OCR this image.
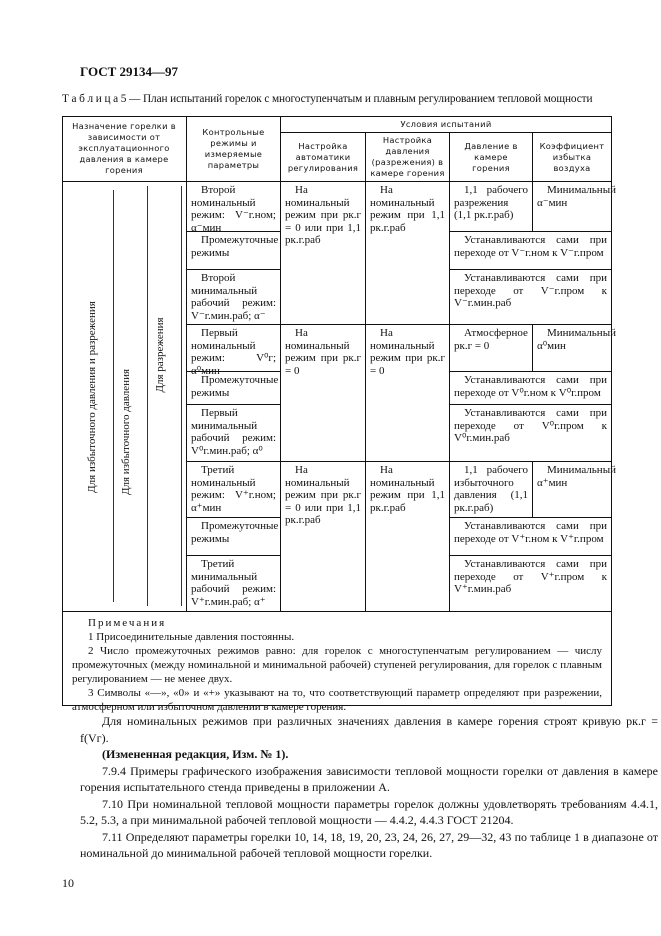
ГОСТ 29134—97
Т а б л и ц а 5 — План испытаний горелок с многоступенчатым и плавным регулированием тепловой мощности
Назначение горелки в зависимости от эксплуатационного давления в камере горения
Контрольные режимы и измеряемые параметры
Условия испытаний
Настройка автоматики регулирования
Настройка давления (разрежения) в камере горения
Давление в камере горения
Коэффициент избытка воздуха
Для избыточного давления и разрежения Для избыточного давления
Для разрежения
Примечания

1 Присоединительные давления постоянны.

2 Число промежуточных режимов равно: для горелок с многоступенчатым регулированием — числу промежуточных (между номинальной и минимальной рабочей) ступеней регулирования, для горелок с плавным регулированием — не менее двух.

3 Символы «—», «0» и «+» указывают на то, что соответствующий параметр определяют при разрежении, атмосферном или избыточном давлении в камере горения.

Второй номинальный режим: V⁻г.ном; α⁻мин
Промежуточные режимы
Второй минимальный рабочий режим: V⁻г.мин.раб; α⁻
На номинальный режим при pк.г = 0 или при 1,1 pк.г.раб
На номинальный режим при 1,1 pк.г.раб
1,1 рабочего разрежения (1,1 pк.г.раб)
Минимальный α⁻мин
Устанавливаются сами при переходе от V⁻г.ном к V⁻г.пром
Устанавливаются сами при переходе от V⁻г.пром к V⁻г.мин.раб
Первый номинальный режим: V⁰г; α⁰мин
Промежуточные режимы
Первый минимальный рабочий режим: V⁰г.мин.раб; α⁰
На номинальный режим при pк.г = 0
На номинальный режим при pк.г = 0
Атмосферное pк.г = 0
Минимальный α⁰мин
Устанавливаются сами при переходе от V⁰г.ном к V⁰г.пром
Устанавливаются сами при переходе от V⁰г.пром к V⁰г.мин.раб
Третий номинальный режим: V⁺г.ном; α⁺мин
Промежуточные режимы
Третий минимальный рабочий режим: V⁺г.мин.раб; α⁺
На номинальный режим при pк.г = 0 или при 1,1 pк.г.раб
На номинальный режим при 1,1 pк.г.раб
1,1 рабочего избыточного давления (1,1 pк.г.раб)
Минимальный α⁺мин
Устанавливаются сами при переходе от V⁺г.ном к V⁺г.пром
Устанавливаются сами при переходе от V⁺г.пром к V⁺г.мин.раб

Для номинальных режимов при различных значениях давления в камере горения строят кривую pк.г = f(Vг).

(Измененная редакция, Изм. № 1).

7.9.4 Примеры графического изображения зависимости тепловой мощности горелки от давления в камере горения испытательного стенда приведены в приложении А.

7.10 При номинальной тепловой мощности параметры горелок должны удовлетворять требованиям 4.4.1, 5.2, 5.3, а при минимальной рабочей тепловой мощности — 4.4.2, 4.4.3 ГОСТ 21204.

7.11 Определяют параметры горелки 10, 14, 18, 19, 20, 23, 24, 26, 27, 29—32, 43 по таблице 1 в диапазоне от номинальной до минимальной рабочей тепловой мощности горелки.

10
